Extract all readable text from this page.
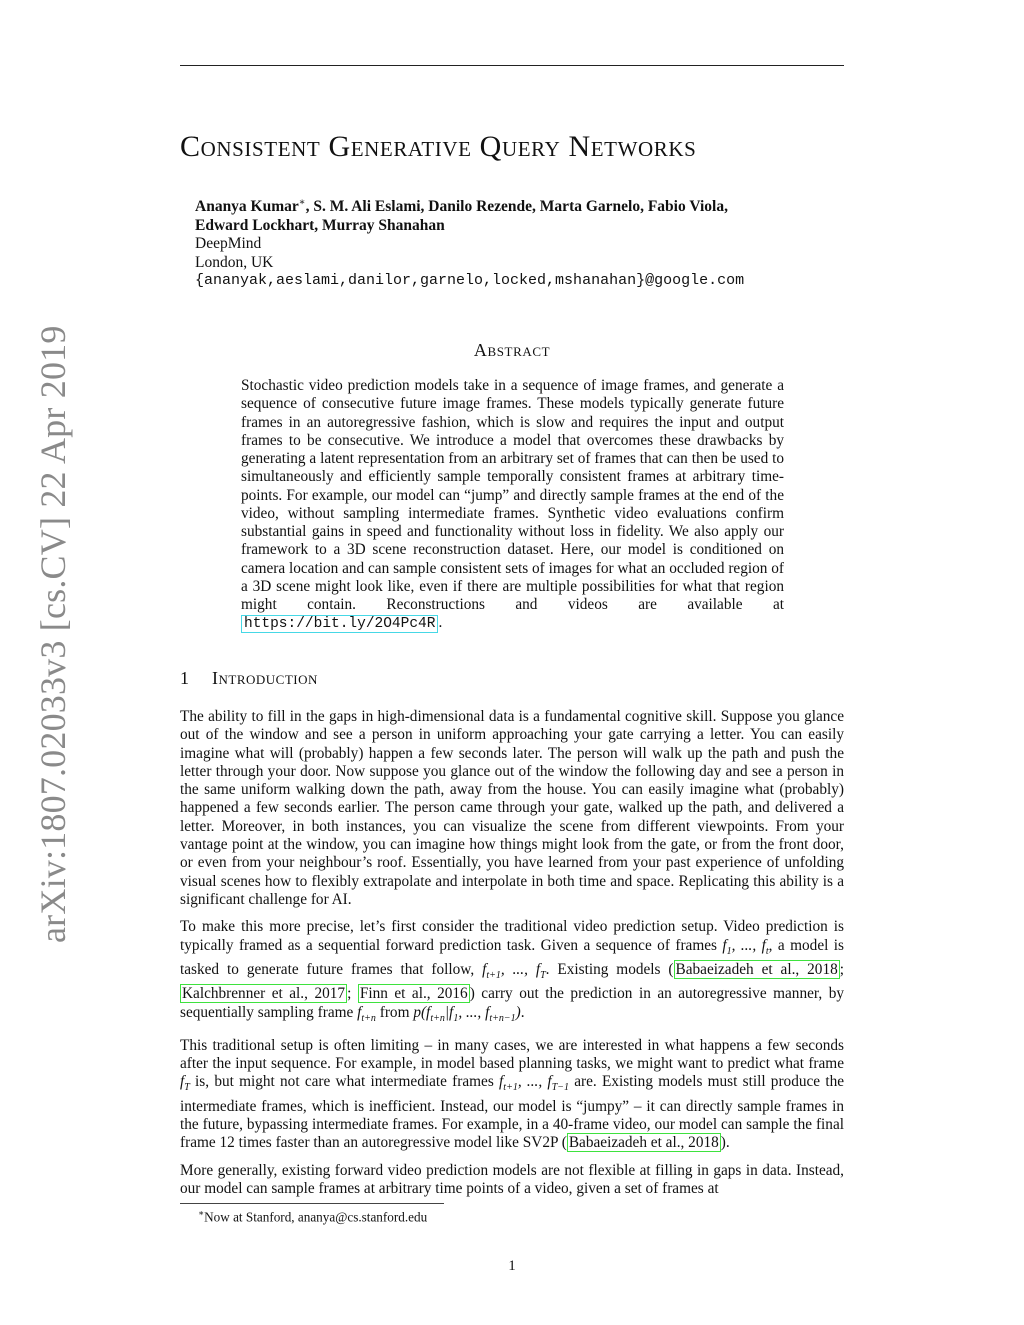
arXiv:1807.02033v3 [cs.CV] 22 Apr 2019
Consistent Generative Query Networks
Ananya Kumar∗, S. M. Ali Eslami, Danilo Rezende, Marta Garnelo, Fabio Viola,
Edward Lockhart, Murray Shanahan
DeepMind
London, UK
{ananyak,aeslami,danilor,garnelo,locked,mshanahan}@google.com
Abstract
Stochastic video prediction models take in a sequence of image frames, and generate a sequence of consecutive future image frames. These models typically generate future frames in an autoregressive fashion, which is slow and requires the input and output frames to be consecutive. We introduce a model that overcomes these drawbacks by generating a latent representation from an arbitrary set of frames that can then be used to simultaneously and efficiently sample temporally consistent frames at arbitrary time-points. For example, our model can “jump” and directly sample frames at the end of the video, without sampling intermediate frames. Synthetic video evaluations confirm substantial gains in speed and functionality without loss in fidelity. We also apply our framework to a 3D scene reconstruction dataset. Here, our model is conditioned on camera location and can sample consistent sets of images for what an occluded region of a 3D scene might look like, even if there are multiple possibilities for what that region might contain. Reconstructions and videos are available at https://bit.ly/2O4Pc4R .
1 Introduction

The ability to fill in the gaps in high-dimensional data is a fundamental cognitive skill. Suppose you glance out of the window and see a person in uniform approaching your gate carrying a letter. You can easily imagine what will (probably) happen a few seconds later. The person will walk up the path and push the letter through your door. Now suppose you glance out of the window the following day and see a person in the same uniform walking down the path, away from the house. You can easily imagine what (probably) happened a few seconds earlier. The person came through your gate, walked up the path, and delivered a letter. Moreover, in both instances, you can visualize the scene from different viewpoints. From your vantage point at the window, you can imagine how things might look from the gate, or from the front door, or even from your neighbour’s roof. Essentially, you have learned from your past experience of unfolding visual scenes how to flexibly extrapolate and interpolate in both time and space. Replicating this ability is a significant challenge for AI.

To make this more precise, let’s first consider the traditional video prediction setup. Video prediction is typically framed as a sequential forward prediction task. Given a sequence of frames $f_1$, ..., $f_t$, a model is tasked to generate future frames that follow, $f_{t+1}$, ..., $f_T$. Existing models ( Babaeizadeh et al., 2018 ; Kalchbrenner et al., 2017 ; Finn et al., 2016 ) carry out the prediction in an autoregressive manner, by sequentially sampling frame $f_{t+n}$ from $p(f_{t+n}|f_1$, ..., $f_{t+n-1}$).

This traditional setup is often limiting – in many cases, we are interested in what happens a few seconds after the input sequence. For example, in model based planning tasks, we might want to predict what frame $f_T$ is, but might not care what intermediate frames $f_{t+1}$, ..., $f_{T-1}$ are. Existing models must still produce the intermediate frames, which is inefficient. Instead, our model is “jumpy” – it can directly sample frames in the future, bypassing intermediate frames. For example, in a 40-frame video, our model can sample the final frame 12 times faster than an autoregressive model like SV2P ( Babaeizadeh et al., 2018 ).

More generally, existing forward video prediction models are not flexible at filling in gaps in data. Instead, our model can sample frames at arbitrary time points of a video, given a set of frames at

∗Now at Stanford, ananya@cs.stanford.edu
1
